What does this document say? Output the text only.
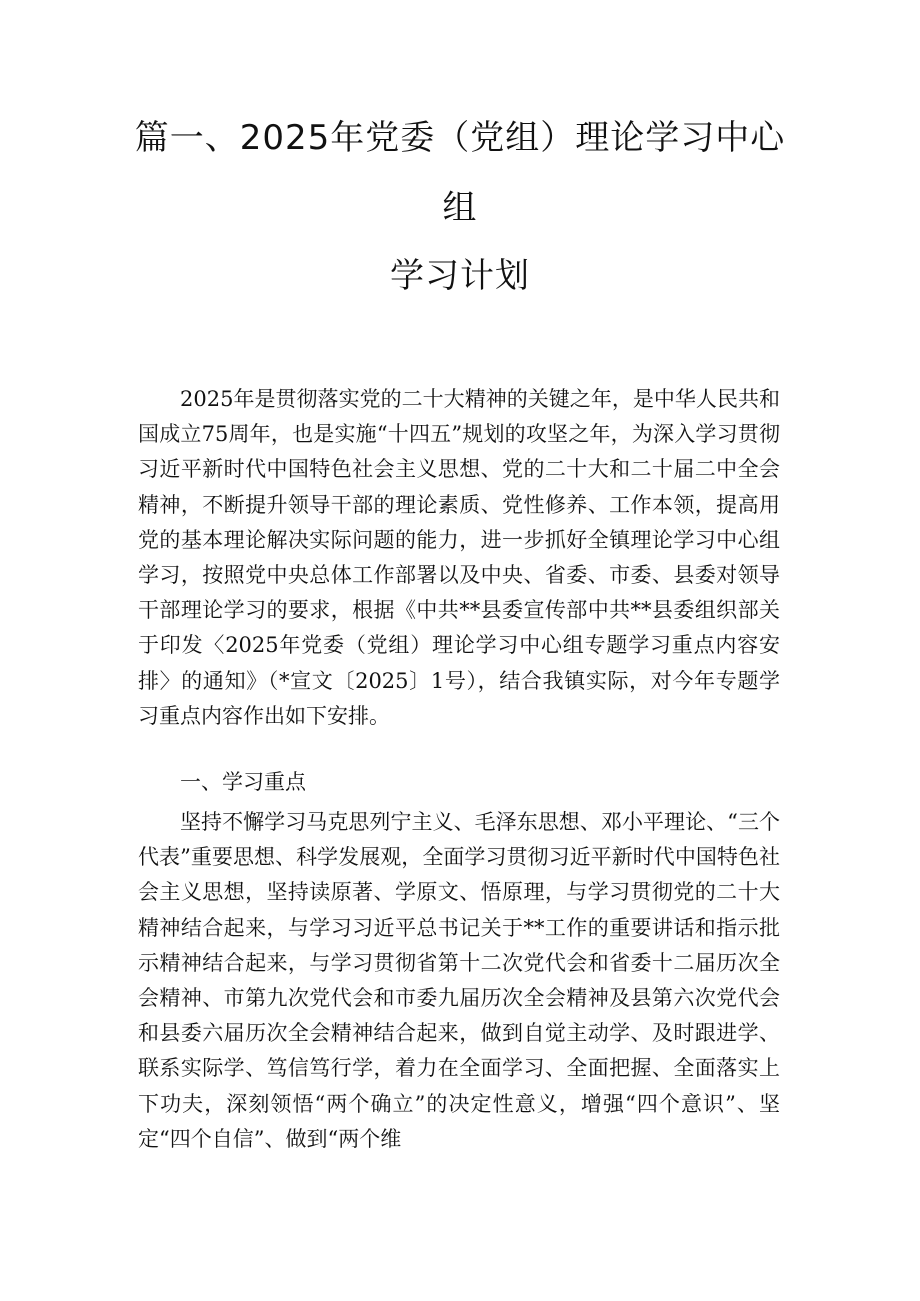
篇一、2025年党委（党组）理论学习中心
组
学习计划
2025年是贯彻落实党的二十大精神的关键之年，是中华人民共和国成立75周年，也是实施“十四五”规划的攻坚之年，为深入学习贯彻习近平新时代中国特色社会主义思想、党的二十大和二十届二中全会精神，不断提升领导干部的理论素质、党性修养、工作本领，提高用党的基本理论解决实际问题的能力，进一步抓好全镇理论学习中心组学习，按照党中央总体工作部署以及中央、省委、市委、县委对领导干部理论学习的要求，根据《中共**县委宣传部中共**县委组织部关于印发〈2025年党委（党组）理论学习中心组专题学习重点内容安排〉的通知》（*宣文〔2025〕1号），结合我镇实际，对今年专题学习重点内容作出如下安排。
一、学习重点
坚持不懈学习马克思列宁主义、毛泽东思想、邓小平理论、“三个代表”重要思想、科学发展观，全面学习贯彻习近平新时代中国特色社会主义思想，坚持读原著、学原文、悟原理，与学习贯彻党的二十大精神结合起来，与学习习近平总书记关于**工作的重要讲话和指示批示精神结合起来，与学习贯彻省第十二次党代会和省委十二届历次全会精神、市第九次党代会和市委九届历次全会精神及县第六次党代会和县委六届历次全会精神结合起来，做到自觉主动学、及时跟进学、联系实际学、笃信笃行学，着力在全面学习、全面把握、全面落实上下功夫，深刻领悟“两个确立”的决定性意义，增强“四个意识”、坚定“四个自信”、做到“两个维
